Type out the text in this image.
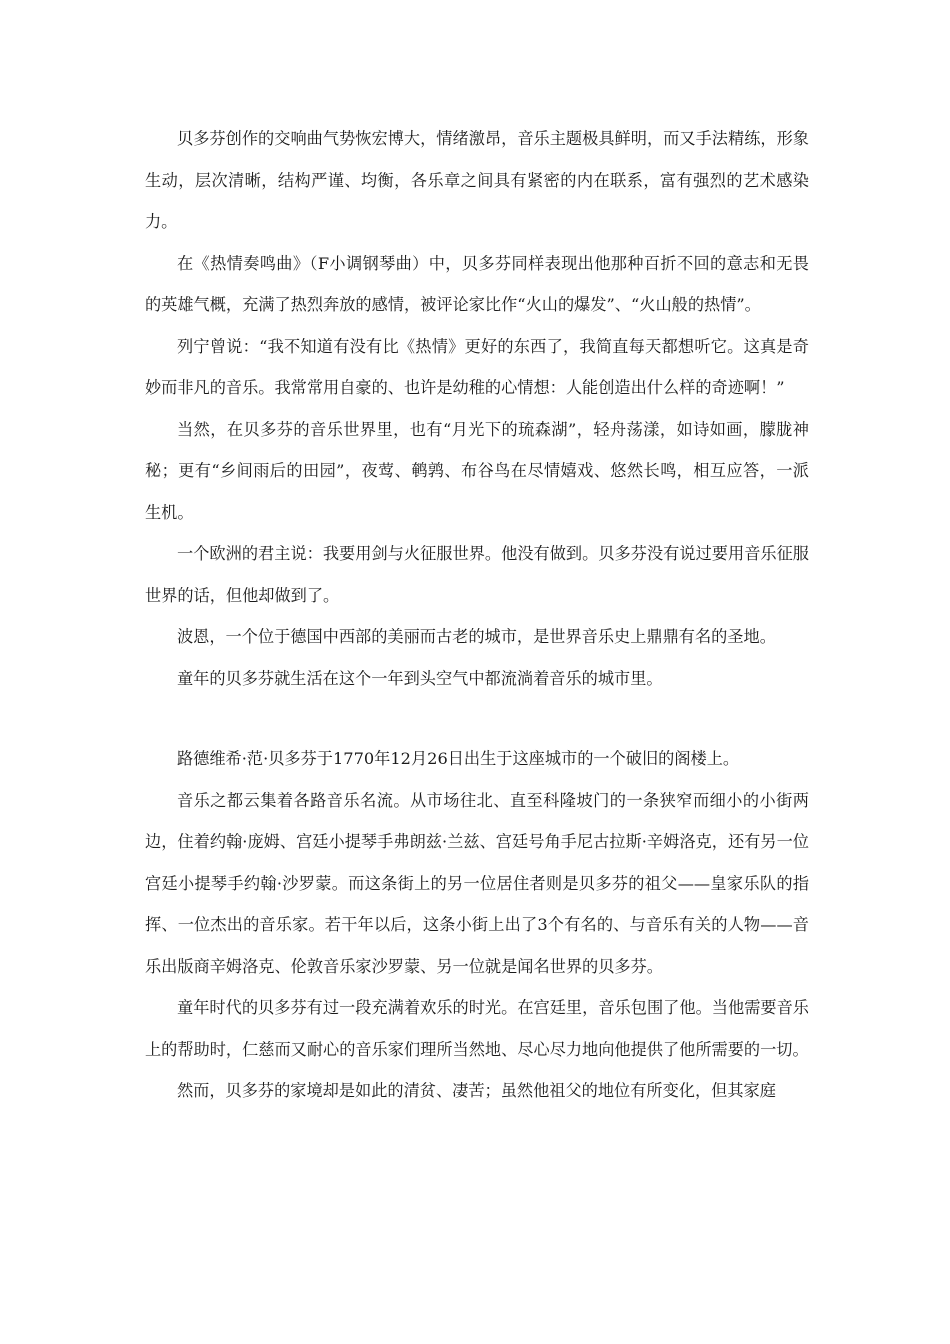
贝多芬创作的交响曲气势恢宏博大，情绪激昂，音乐主题极具鲜明，而又手法精练，形象生动，层次清晰，结构严谨、均衡，各乐章之间具有紧密的内在联系，富有强烈的艺术感染力。

在《热情奏鸣曲》（F小调钢琴曲）中，贝多芬同样表现出他那种百折不回的意志和无畏的英雄气概，充满了热烈奔放的感情，被评论家比作“火山的爆发”、“火山般的热情”。

列宁曾说：“我不知道有没有比《热情》更好的东西了，我简直每天都想听它。这真是奇妙而非凡的音乐。我常常用自豪的、也许是幼稚的心情想：人能创造出什么样的奇迹啊！”

当然，在贝多芬的音乐世界里，也有“月光下的琉森湖”，轻舟荡漾，如诗如画，朦胧神秘；更有“乡间雨后的田园”，夜莺、鹌鹑、布谷鸟在尽情嬉戏、悠然长鸣，相互应答，一派生机。

一个欧洲的君主说：我要用剑与火征服世界。他没有做到。贝多芬没有说过要用音乐征服世界的话，但他却做到了。

波恩，一个位于德国中西部的美丽而古老的城市，是世界音乐史上鼎鼎有名的圣地。

童年的贝多芬就生活在这个一年到头空气中都流淌着音乐的城市里。

路德维希·范·贝多芬于1770年12月26日出生于这座城市的一个破旧的阁楼上。

音乐之都云集着各路音乐名流。从市场往北、直至科隆坡门的一条狭窄而细小的小街两边，住着约翰·庞姆、宫廷小提琴手弗朗兹·兰兹、宫廷号角手尼古拉斯·辛姆洛克，还有另一位宫廷小提琴手约翰·沙罗蒙。而这条街上的另一位居住者则是贝多芬的祖父——皇家乐队的指挥、一位杰出的音乐家。若干年以后，这条小街上出了3个有名的、与音乐有关的人物——音乐出版商辛姆洛克、伦敦音乐家沙罗蒙、另一位就是闻名世界的贝多芬。

童年时代的贝多芬有过一段充满着欢乐的时光。在宫廷里，音乐包围了他。当他需要音乐上的帮助时，仁慈而又耐心的音乐家们理所当然地、尽心尽力地向他提供了他所需要的一切。

然而，贝多芬的家境却是如此的清贫、凄苦；虽然他祖父的地位有所变化，但其家庭
